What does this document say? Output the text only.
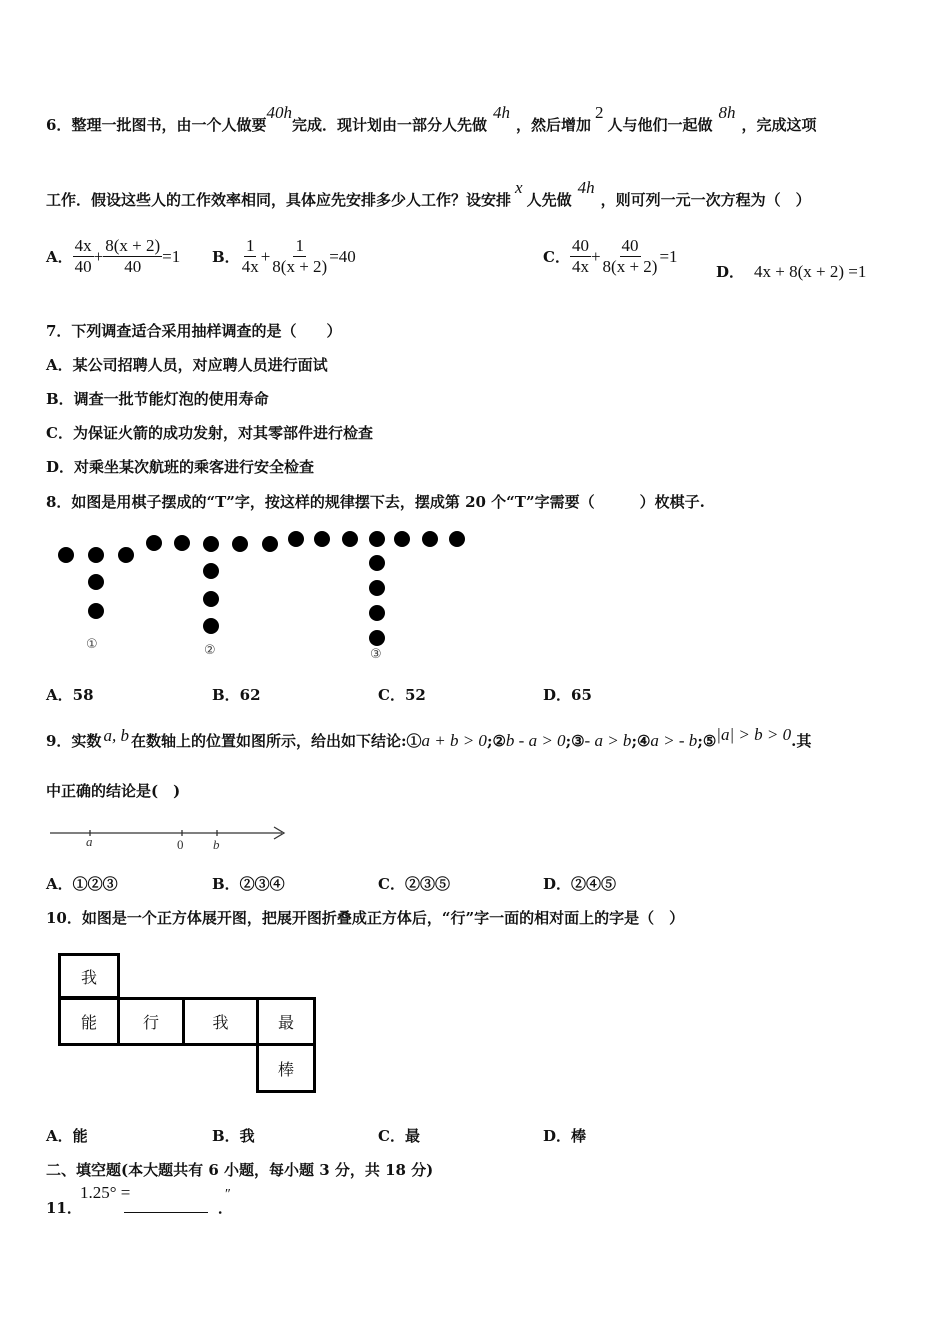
6．整理一批图书，由一个人做要40h完成．现计划由一部分人先做4h，然后增加2人与他们一起做8h，完成这项
工作．假设这些人的工作效率相同，具体应先安排多少人工作？设安排x人先做4h，则可列一元一次方程为（　）
A． $\frac{4x}{40} + \frac{8(x + 2)}{40} =1$ B． $\frac{1}{4x} + \frac{1}{8(x + 2)} =40$	C． $\frac{40}{4x} + \frac{40}{8(x + 2)} =1$
D． 4x + 8(x + 2) =1
7．下列调查适合采用抽样调查的是（　　）
A．某公司招聘人员，对应聘人员进行面试
B．调查一批节能灯泡的使用寿命
C．为保证火箭的成功发射，对其零部件进行检查
D．对乘坐某次航班的乘客进行安全检查
8．如图是用棋子摆成的“T”字，按这样的规律摆下去，摆成第 20 个“T”字需要（　　　）枚棋子.
①	②	③
A．58	B．62	C．52	D．65
9．实数 a, b 在数轴上的位置如图所示，给出如下结论:①a + b > 0;②b - a > 0;③- a > b;④a > - b;⑤|a| > b > 0.其
中正确的结论是(　)
a	0 b
A．①②③	B．②③④	C．②③⑤	D．②④⑤
10．如图是一个正方体展开图，把展开图折叠成正方体后，“行”字一面的相对面上的字是（　）
我
能	行	我	最
棒
A．能	B．我	C．最	D．棒
二、填空题(本大题共有 6 小题，每小题 3 分，共 18 分)
1.25° =	″
11．	．
